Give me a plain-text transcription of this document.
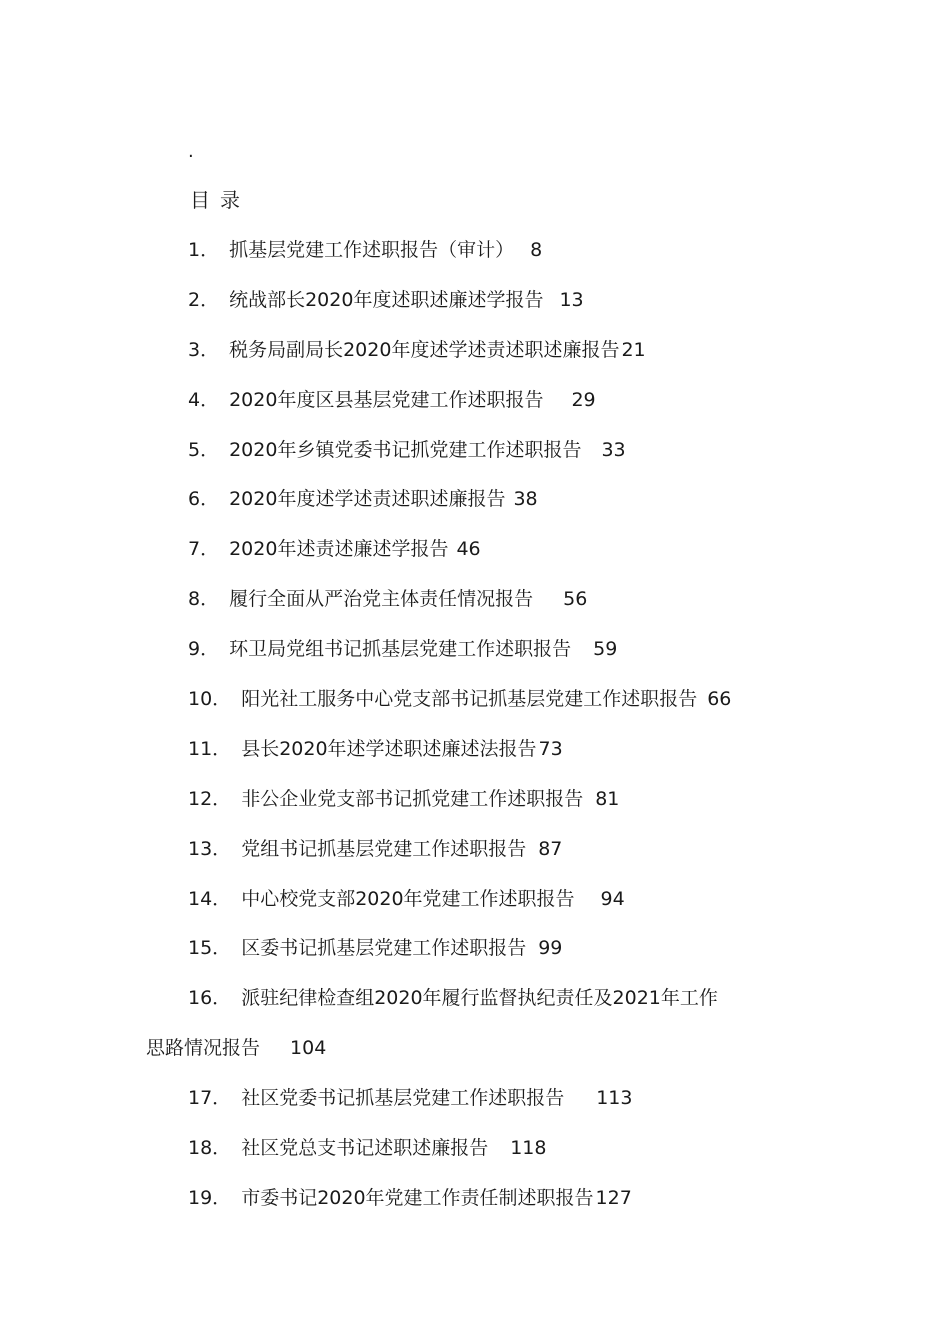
.
目录
1． 抓基层党建工作述职报告（审计） 8
2． 统战部长2020年度述职述廉述学报告 13
3． 税务局副局长2020年度述学述责述职述廉报告 21
4． 2020年度区县基层党建工作述职报告 29
5． 2020年乡镇党委书记抓党建工作述职报告 33
6． 2020年度述学述责述职述廉报告 38
7． 2020年述责述廉述学报告 46
8． 履行全面从严治党主体责任情况报告 56
9． 环卫局党组书记抓基层党建工作述职报告 59
10． 阳光社工服务中心党支部书记抓基层党建工作述职报告 66
11． 县长2020年述学述职述廉述法报告 73
12． 非公企业党支部书记抓党建工作述职报告 81
13． 党组书记抓基层党建工作述职报告 87
14． 中心校党支部2020年党建工作述职报告 94
15． 区委书记抓基层党建工作述职报告 99
16． 派驻纪律检查组2020年履行监督执纪责任及2021年工作
思路情况报告 104
17． 社区党委书记抓基层党建工作述职报告 113
18． 社区党总支书记述职述廉报告 118
19． 市委书记2020年党建工作责任制述职报告 127
